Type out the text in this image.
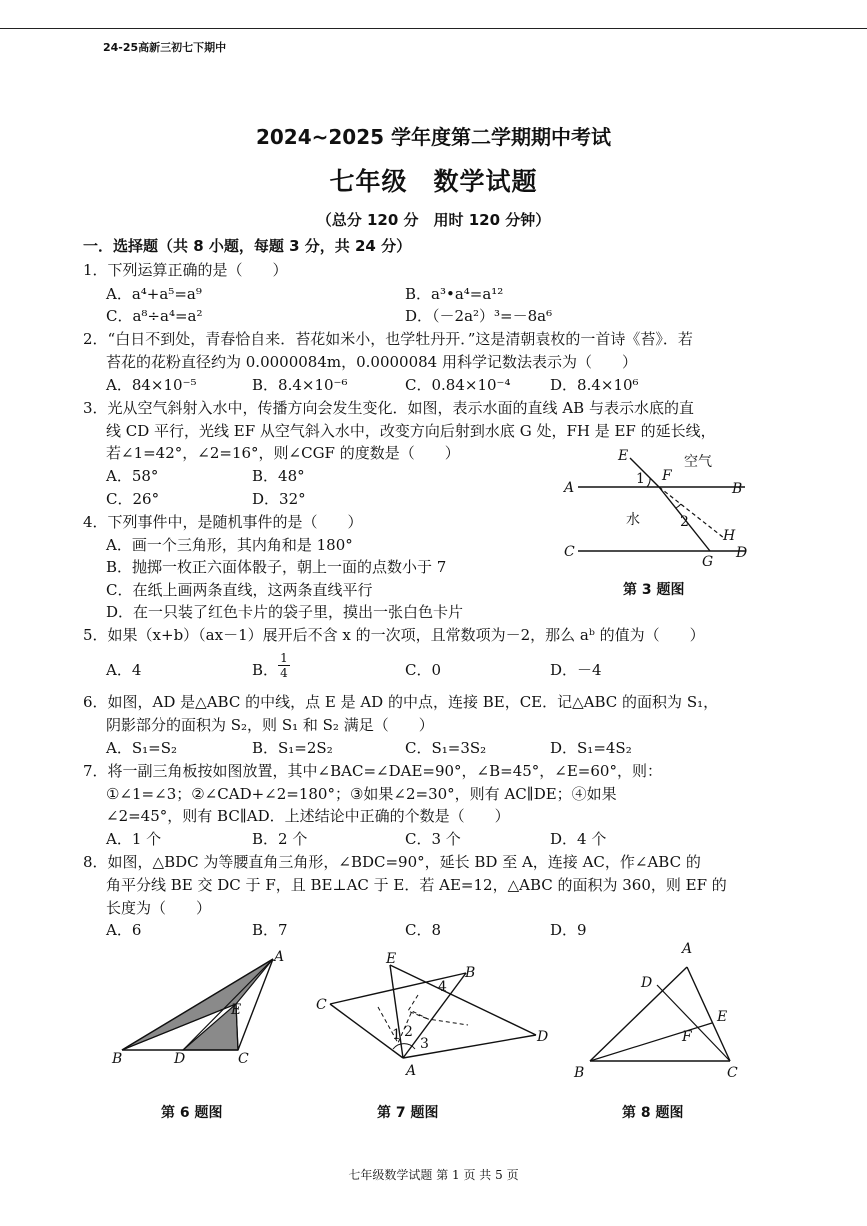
24-25高新三初七下期中
2024~2025 学年度第二学期期中考试
七年级　数学试题
（总分 120 分　用时 120 分钟）
一．选择题（共 8 小题，每题 3 分，共 24 分）
1．下列运算正确的是（　　）
A．a⁴+a⁵=a⁹	B．a³•a⁴=a¹²
C．a⁸÷a⁴=a²	D．（－2a²）³=－8a⁶
2．“白日不到处，青春恰自来．苔花如米小，也学牡丹开．”这是清朝袁枚的一首诗《苔》．若
苔花的花粉直径约为 0.0000084m，0.0000084 用科学记数法表示为（　　）
A．84×10⁻⁵	B．8.4×10⁻⁶	C．0.84×10⁻⁴	D．8.4×10⁶
3．光从空气斜射入水中，传播方向会发生变化．如图，表示水面的直线 AB 与表示水底的直
线 CD 平行，光线 EF 从空气斜入水中，改变方向后射到水底 G 处，FH 是 EF 的延长线，
若∠1=42°，∠2=16°，则∠CGF 的度数是（　　）
A．58°	B．48°
C．26°	D．32°
A	B
C	D
E
F
G
H
1
2
空气
水
第 3 题图
4．下列事件中，是随机事件的是（　　）
A．画一个三角形，其内角和是 180°
B．抛掷一枚正六面体骰子，朝上一面的点数小于 7
C．在纸上画两条直线，这两条直线平行
D．在一只装了红色卡片的袋子里，摸出一张白色卡片
5．如果（x+b）（ax－1）展开后不含 x 的一次项，且常数项为－2，那么 aᵇ 的值为（　　）
A．4	B． $\frac{1}{4}$	C．0	D．－4
6．如图，AD 是△ABC 的中线，点 E 是 AD 的中点，连接 BE，CE．记△ABC 的面积为 S₁，
阴影部分的面积为 S₂，则 S₁ 和 S₂ 满足（　　）
A．S₁=S₂	B．S₁=2S₂	C．S₁=3S₂	D．S₁=4S₂
7．将一副三角板按如图放置，其中∠BAC=∠DAE=90°，∠B=45°，∠E=60°，则：
①∠1=∠3；②∠CAD+∠2=180°；③如果∠2=30°，则有 AC∥DE；④如果
∠2=45°，则有 BC∥AD．上述结论中正确的个数是（　　）
A．1 个	B．2 个	C．3 个	D．4 个
8．如图，△BDC 为等腰直角三角形，∠BDC=90°，延长 BD 至 A，连接 AC，作∠ABC 的
角平分线 BE 交 DC 于 F，且 BE⊥AC 于 E．若 AE=12，△ABC 的面积为 360，则 EF 的
长度为（　　）
A．6	B．7	C．8	D．9
A
B	C
D
E
第 6 题图
A
B
C
D
E
1 2
3
4
第 7 题图
A
B	C
D
E
F
第 8 题图
七年级数学试题 第 1 页 共 5 页
